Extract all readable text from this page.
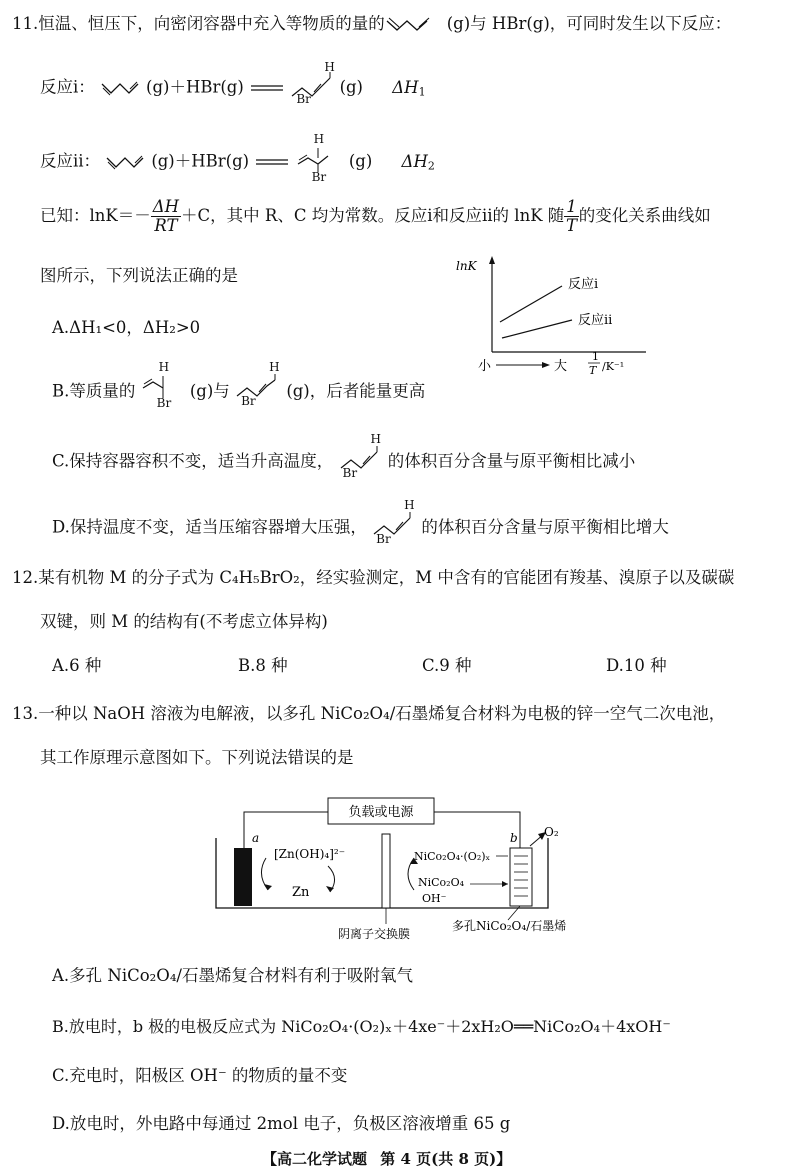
11.恒温、恒压下，向密闭容器中充入等物质的量的	(g)与 HBr(g)，可同时发生以下反应：
反应ⅰ：	(g)＋HBr(g)
Br
H
(g) $\Delta H_1$
反应ⅱ：	(g)＋HBr(g)
Br
H
(g) $\Delta H_2$
已知：$\ln K=- \frac{\Delta H}{RT} +C$，其中 R、C 均为常数。反应ⅰ和反应ⅱ的 lnK 随 $\frac{1}{T}$ 的变化关系曲线如
图所示，下列说法正确的是	lnK
反应i
反应ii
小	大
1
T /K⁻¹
A.ΔH₁<0，ΔH₂>0
B.等质量的
Br
H
(g)与
Br
H
(g)，后者能量更高
C.保持容器容积不变，适当升高温度，
Br
H
的体积百分含量与原平衡相比减小
D.保持温度不变，适当压缩容器增大压强，
Br
H
的体积百分含量与原平衡相比增大
12.某有机物 M 的分子式为 C₄H₅BrO₂，经实验测定，M 中含有的官能团有羧基、溴原子以及碳碳
双键，则 M 的结构有(不考虑立体异构)
A.6 种	B.8 种	C.9 种	D.10 种
13.一种以 NaOH 溶液为电解液，以多孔 NiCo₂O₄/石墨烯复合材料为电极的锌一空气二次电池，
其工作原理示意图如下。下列说法错误的是
负载或电源
a
[Zn(OH)₄]²⁻
Zn
阴离子交换膜
b O₂
NiCo₂O₄·(O₂)ₓ
NiCo₂O₄
OH⁻
多孔NiCo₂O₄/石墨烯
A.多孔 NiCo₂O₄/石墨烯复合材料有利于吸附氧气
B.放电时，b 极的电极反应式为 NiCo₂O₄·(O₂)ₓ＋4xe⁻＋2xH₂O══NiCo₂O₄＋4xOH⁻
C.充电时，阳极区 OH⁻ 的物质的量不变
D.放电时，外电路中每通过 2mol 电子，负极区溶液增重 65 g
【高二化学试题 第 4 页(共 8 页)】
